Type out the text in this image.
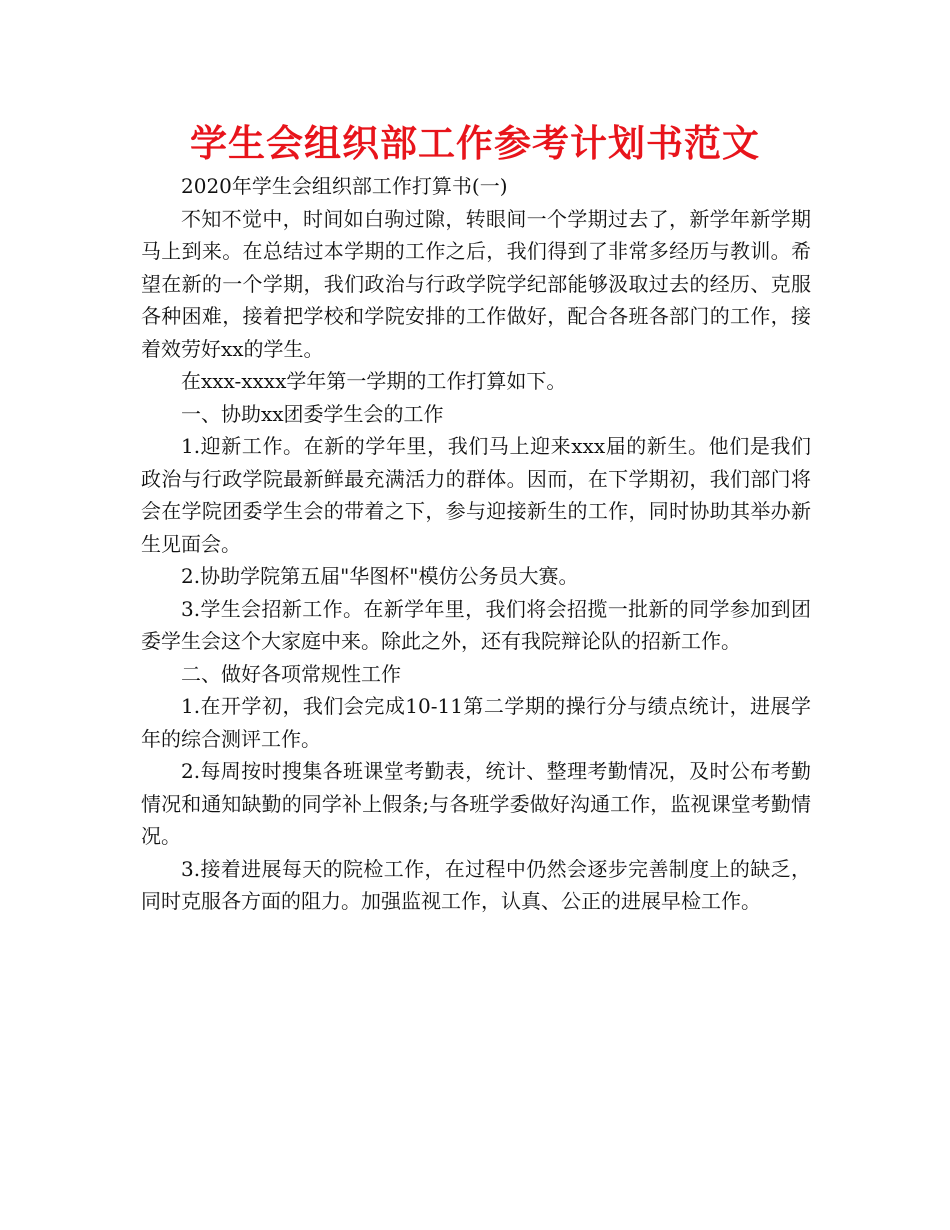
学生会组织部工作参考计划书范文

2020年学生会组织部工作打算书(一)

不知不觉中，时间如白驹过隙，转眼间一个学期过去了，新学年新学期马上到来。在总结过本学期的工作之后，我们得到了非常多经历与教训。希望在新的一个学期，我们政治与行政学院学纪部能够汲取过去的经历、克服各种困难，接着把学校和学院安排的工作做好，配合各班各部门的工作，接着效劳好xx的学生。

在xxx-xxxx学年第一学期的工作打算如下。

一、协助xx团委学生会的工作

1.迎新工作。在新的学年里，我们马上迎来xxx届的新生。他们是我们政治与行政学院最新鲜最充满活力的群体。因而，在下学期初，我们部门将会在学院团委学生会的带着之下，参与迎接新生的工作，同时协助其举办新生见面会。

2.协助学院第五届"华图杯"模仿公务员大赛。

3.学生会招新工作。在新学年里，我们将会招揽一批新的同学参加到团委学生会这个大家庭中来。除此之外，还有我院辩论队的招新工作。

二、做好各项常规性工作

1.在开学初，我们会完成10-11第二学期的操行分与绩点统计，进展学年的综合测评工作。

2.每周按时搜集各班课堂考勤表，统计、整理考勤情况，及时公布考勤情况和通知缺勤的同学补上假条;与各班学委做好沟通工作，监视课堂考勤情况。

3.接着进展每天的院检工作，在过程中仍然会逐步完善制度上的缺乏，同时克服各方面的阻力。加强监视工作，认真、公正的进展早检工作。
